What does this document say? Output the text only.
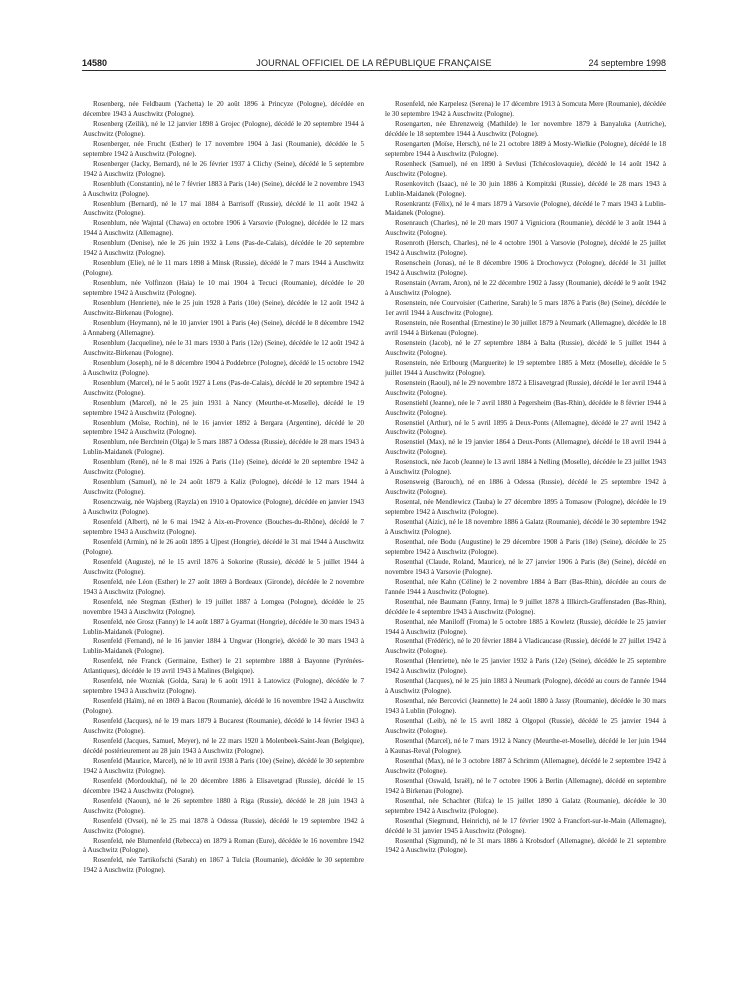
14580	JOURNAL OFFICIEL DE LA RÉPUBLIQUE FRANÇAISE	24 septembre 1998

Rosenberg, née Feldbaum (Yachetta) le 20 août 1896 à Princyze (Pologne), décédée en décembre 1943 à Auschwitz (Pologne).

Rosenberg (Zeilik), né le 12 janvier 1898 à Grojec (Pologne), décédé le 20 septembre 1944 à Auschwitz (Pologne).

Rosenberger, née Frucht (Esther) le 17 novembre 1904 à Jasi (Roumanie), décédée le 5 septembre 1942 à Auschwitz (Pologne).

Rosenberger (Jacky, Bernard), né le 26 février 1937 à Clichy (Seine), décédé le 5 septembre 1942 à Auschwitz (Pologne).

Rosenbluth (Constantin), né le 7 février 1883 à Paris (14e) (Seine), décédé le 2 novembre 1943 à Auschwitz (Pologne).

Rosenblum (Bernard), né le 17 mai 1884 à Barrisoff (Russie), décédé le 11 août 1942 à Auschwitz (Pologne).

Rosenblum, née Wajntal (Chawa) en octobre 1906 à Varsovie (Pologne), décédée le 12 mars 1944 à Auschwitz (Allemagne).

Rosenblum (Denise), née le 26 juin 1932 à Lens (Pas-de-Calais), décédée le 20 septembre 1942 à Auschwitz (Pologne).

Rosenblum (Elie), né le 11 mars 1898 à Minsk (Russie), décédé le 7 mars 1944 à Auschwitz (Pologne).

Rosenblum, née Volfinzon (Haia) le 10 mai 1904 à Tecuci (Roumanie), décédée le 20 septembre 1942 à Auschwitz (Pologne).

Rosenblum (Henriette), née le 25 juin 1928 à Paris (10e) (Seine), décédée le 12 août 1942 à Auschwitz-Birkenau (Pologne).

Rosenblum (Heymann), né le 10 janvier 1901 à Paris (4e) (Seine), décédé le 8 décembre 1942 à Annaberg (Allemagne).

Rosenblum (Jacqueline), née le 31 mars 1930 à Paris (12e) (Seine), décédée le 12 août 1942 à Auschwitz-Birkenau (Pologne).

Rosenblum (Joseph), né le 8 décembre 1904 à Poddebrce (Pologne), décédé le 15 octobre 1942 à Auschwitz (Pologne).

Rosenblum (Marcel), né le 5 août 1927 à Lens (Pas-de-Calais), décédé le 20 septembre 1942 à Auschwitz (Pologne).

Rosenblum (Marcel), né le 25 juin 1931 à Nancy (Meurthe-et-Moselle), décédé le 19 septembre 1942 à Auschwitz (Pologne).

Rosenblum (Moïse, Rochin), né le 16 janvier 1892 à Bergara (Argentine), décédé le 20 septembre 1942 à Auschwitz (Pologne).

Rosenblum, née Berchtein (Olga) le 5 mars 1887 à Odessa (Russie), décédée le 28 mars 1943 à Lublin-Maidanek (Pologne).

Rosenblum (René), né le 8 mai 1926 à Paris (11e) (Seine), décédé le 20 septembre 1942 à Auschwitz (Pologne).

Rosenblum (Samuel), né le 24 août 1879 à Kaliz (Pologne), décédé le 12 mars 1944 à Auschwitz (Pologne).

Rosenczwaig, née Wajsberg (Rayzla) en 1910 à Opatowice (Pologne), décédée en janvier 1943 à Auschwitz (Pologne).

Rosenfeld (Albert), né le 6 mai 1942 à Aix-en-Provence (Bouches-du-Rhône), décédé le 7 septembre 1943 à Auschwitz (Pologne).

Rosenfeld (Armin), né le 26 août 1895 à Ujpest (Hongrie), décédé le 31 mai 1944 à Auschwitz (Pologne).

Rosenfeld (Auguste), né le 15 avril 1876 à Sokorine (Russie), décédé le 5 juillet 1944 à Auschwitz (Pologne).

Rosenfeld, née Léon (Esther) le 27 août 1869 à Bordeaux (Gironde), décédée le 2 novembre 1943 à Auschwitz (Pologne).

Rosenfeld, née Stegman (Esther) le 19 juillet 1887 à Lomgea (Pologne), décédée le 25 novembre 1943 à Auschwitz (Pologne).

Rosenfeld, née Grosz (Fanny) le 14 août 1887 à Gyarmat (Hongrie), décédée le 30 mars 1943 à Lublin-Maidanek (Pologne).

Rosenfeld (Fernand), né le 16 janvier 1884 à Ungwar (Hongrie), décédé le 30 mars 1943 à Lublin-Maidanek (Pologne).

Rosenfeld, née Franck (Germaine, Esther) le 21 septembre 1888 à Bayonne (Pyrénées-Atlantiques), décédée le 19 avril 1943 à Malines (Belgique).

Rosenfeld, née Wozniak (Golda, Sara) le 6 août 1911 à Latowicz (Pologne), décédée le 7 septembre 1943 à Auschwitz (Pologne).

Rosenfeld (Haïm), né en 1869 à Bacou (Roumanie), décédé le 16 novembre 1942 à Auschwitz (Pologne).

Rosenfeld (Jacques), né le 19 mars 1879 à Bucarest (Roumanie), décédé le 14 février 1943 à Auschwitz (Pologne).

Rosenfeld (Jacques, Samuel, Meyer), né le 22 mars 1920 à Molenbeek-Saint-Jean (Belgique), décédé postérieurement au 28 juin 1943 à Auschwitz (Pologne).

Rosenfeld (Maurice, Marcel), né le 10 avril 1938 à Paris (10e) (Seine), décédé le 30 septembre 1942 à Auschwitz (Pologne).

Rosenfeld (Mordoukhaï), né le 20 décembre 1886 à Elisavetgrad (Russie), décédé le 15 décembre 1942 à Auschwitz (Pologne).

Rosenfeld (Naoun), né le 26 septembre 1880 à Riga (Russie), décédé le 28 juin 1943 à Auschwitz (Pologne).

Rosenfeld (Ovsei), né le 25 mai 1878 à Odessa (Russie), décédé le 19 septembre 1942 à Auschwitz (Pologne).

Rosenfeld, née Blumenfeld (Rebecca) en 1879 à Roman (Eure), décédée le 16 novembre 1942 à Auschwitz (Pologne).

Rosenfeld, née Tartikofschi (Sarah) en 1867 à Tulcia (Roumanie), décédée le 30 septembre 1942 à Auschwitz (Pologne).

Rosenfeld, née Karpelesz (Serena) le 17 décembre 1913 à Somcuta Mere (Roumanie), décédée le 30 septembre 1942 à Auschwitz (Pologne).

Rosengarten, née Ehrenzweig (Mathilde) le 1er novembre 1879 à Banyaluka (Autriche), décédée le 18 septembre 1944 à Auschwitz (Pologne).

Rosengarten (Moïse, Hersch), né le 21 octobre 1889 à Mosty-Wielkie (Pologne), décédé le 18 septembre 1944 à Auschwitz (Pologne).

Rosenheck (Samuel), né en 1890 à Sevlusi (Tchécoslovaquie), décédé le 14 août 1942 à Auschwitz (Pologne).

Rosenkovitch (Isaac), né le 30 juin 1886 à Kompitzki (Russie), décédé le 28 mars 1943 à Lublin-Maidanek (Pologne).

Rosenkrantz (Félix), né le 4 mars 1879 à Varsovie (Pologne), décédé le 7 mars 1943 à Lublin-Maidanek (Pologne).

Rosenrauch (Charles), né le 20 mars 1907 à Vigniciora (Roumanie), décédé le 3 août 1944 à Auschwitz (Pologne).

Rosenroth (Hersch, Charles), né le 4 octobre 1901 à Varsovie (Pologne), décédé le 25 juillet 1942 à Auschwitz (Pologne).

Rosenschein (Jonas), né le 8 décembre 1906 à Drochowycz (Pologne), décédé le 31 juillet 1942 à Auschwitz (Pologne).

Rosenstain (Avram, Aron), né le 22 décembre 1902 à Jassy (Roumanie), décédé le 9 août 1942 à Auschwitz (Pologne).

Rosenstein, née Courvoisier (Catherine, Sarah) le 5 mars 1876 à Paris (8e) (Seine), décédée le 1er avril 1944 à Auschwitz (Pologne).

Rosenstein, née Rosenthal (Ernestine) le 30 juillet 1879 à Neumark (Allemagne), décédée le 18 avril 1944 à Birkenau (Pologne).

Rosenstein (Jacob), né le 27 septembre 1884 à Balta (Russie), décédé le 5 juillet 1944 à Auschwitz (Pologne).

Rosenstein, née Erlbourg (Marguerite) le 19 septembre 1885 à Metz (Moselle), décédée le 5 juillet 1944 à Auschwitz (Pologne).

Rosenstein (Raoul), né le 29 novembre 1872 à Elisavetgrad (Russie), décédé le 1er avril 1944 à Auschwitz (Pologne).

Rosenstiehl (Jeanne), née le 7 avril 1880 à Pegersheim (Bas-Rhin), décédée le 8 février 1944 à Auschwitz (Pologne).

Rosenstiel (Arthur), né le 5 avril 1895 à Deux-Ponts (Allemagne), décédé le 27 avril 1942 à Auschwitz (Pologne).

Rosenstiel (Max), né le 19 janvier 1864 à Deux-Ponts (Allemagne), décédé le 18 avril 1944 à Auschwitz (Pologne).

Rosenstock, née Jacob (Jeanne) le 13 avril 1884 à Nelling (Moselle), décédée le 23 juillet 1943 à Auschwitz (Pologne).

Rosensweig (Barouch), né en 1886 à Odessa (Russie), décédé le 25 septembre 1942 à Auschwitz (Pologne).

Rosental, née Mendlewicz (Tauba) le 27 décembre 1895 à Tomasow (Pologne), décédée le 19 septembre 1942 à Auschwitz (Pologne).

Rosenthal (Aizic), né le 18 novembre 1886 à Galatz (Roumanie), décédé le 30 septembre 1942 à Auschwitz (Pologne).

Rosenthal, née Bodu (Augustine) le 29 décembre 1908 à Paris (18e) (Seine), décédée le 25 septembre 1942 à Auschwitz (Pologne).

Rosenthal (Claude, Roland, Maurice), né le 27 janvier 1906 à Paris (8e) (Seine), décédé en novembre 1943 à Varsovie (Pologne).

Rosenthal, née Kahn (Céline) le 2 novembre 1884 à Barr (Bas-Rhin), décédée au cours de l'année 1944 à Auschwitz (Pologne).

Rosenthal, née Baumann (Fanny, Irma) le 9 juillet 1878 à Illkirch-Graffenstaden (Bas-Rhin), décédée le 4 septembre 1943 à Auschwitz (Pologne).

Rosenthal, née Maniloff (Froma) le 5 octobre 1885 à Kowletz (Russie), décédée le 25 janvier 1944 à Auschwitz (Pologne).

Rosenthal (Frédéric), né le 20 février 1884 à Vladicaucase (Russie), décédé le 27 juillet 1942 à Auschwitz (Pologne).

Rosenthal (Henriette), née le 25 janvier 1932 à Paris (12e) (Seine), décédée le 25 septembre 1942 à Auschwitz (Pologne).

Rosenthal (Jacques), né le 25 juin 1883 à Neumark (Pologne), décédé au cours de l'année 1944 à Auschwitz (Pologne).

Rosenthal, née Bercovici (Jeannette) le 24 août 1880 à Jassy (Roumanie), décédée le 30 mars 1943 à Lublin (Pologne).

Rosenthal (Leib), né le 15 avril 1882 à Olgopol (Russie), décédé le 25 janvier 1944 à Auschwitz (Pologne).

Rosenthal (Marcel), né le 7 mars 1912 à Nancy (Meurthe-et-Moselle), décédé le 1er juin 1944 à Kaunas-Reval (Pologne).

Rosenthal (Max), né le 3 octobre 1887 à Schrimm (Allemagne), décédé le 2 septembre 1942 à Auschwitz (Pologne).

Rosenthal (Oswald, Israël), né le 7 octobre 1906 à Berlin (Allemagne), décédé en septembre 1942 à Birkenau (Pologne).

Rosenthal, née Schachter (Rifca) le 15 juillet 1890 à Galatz (Roumanie), décédée le 30 septembre 1942 à Auschwitz (Pologne).

Rosenthal (Siegmund, Heinrich), né le 17 février 1902 à Francfort-sur-le-Main (Allemagne), décédé le 31 janvier 1945 à Auschwitz (Pologne).

Rosenthal (Sigmund), né le 31 mars 1886 à Krobsdorf (Allemagne), décédé le 21 septembre 1942 à Auschwitz (Pologne).
